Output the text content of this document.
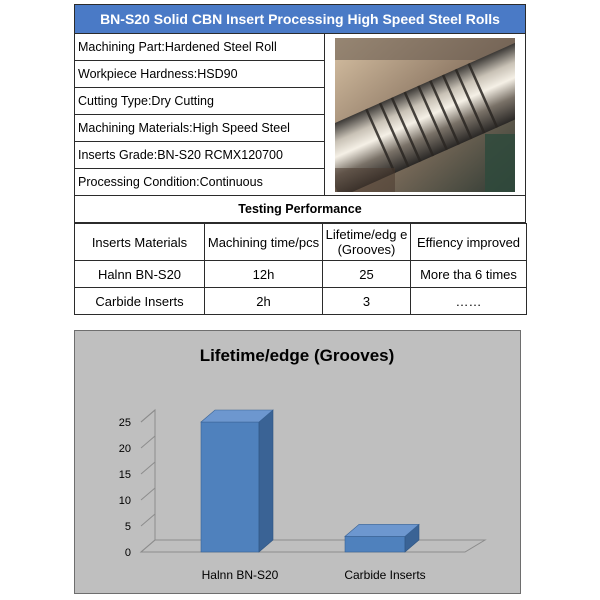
BN-S20 Solid CBN Insert Processing High Speed Steel Rolls
Machining Part:Hardened Steel Roll
Workpiece Hardness:HSD90
Cutting Type:Dry Cutting
Machining Materials:High Speed Steel
Inserts Grade:BN-S20 RCMX120700
Processing Condition:Continuous
Testing Performance
Inserts Materials	Machining time/pcs	Lifetime/edg e (Grooves)	Effiency improved
Halnn BN-S20	12h	25	More tha 6 times
Carbide Inserts	2h	3	……
Lifetime/edge (Grooves)
0
5
10
15
20
25
Halnn BN-S20	Carbide Inserts
